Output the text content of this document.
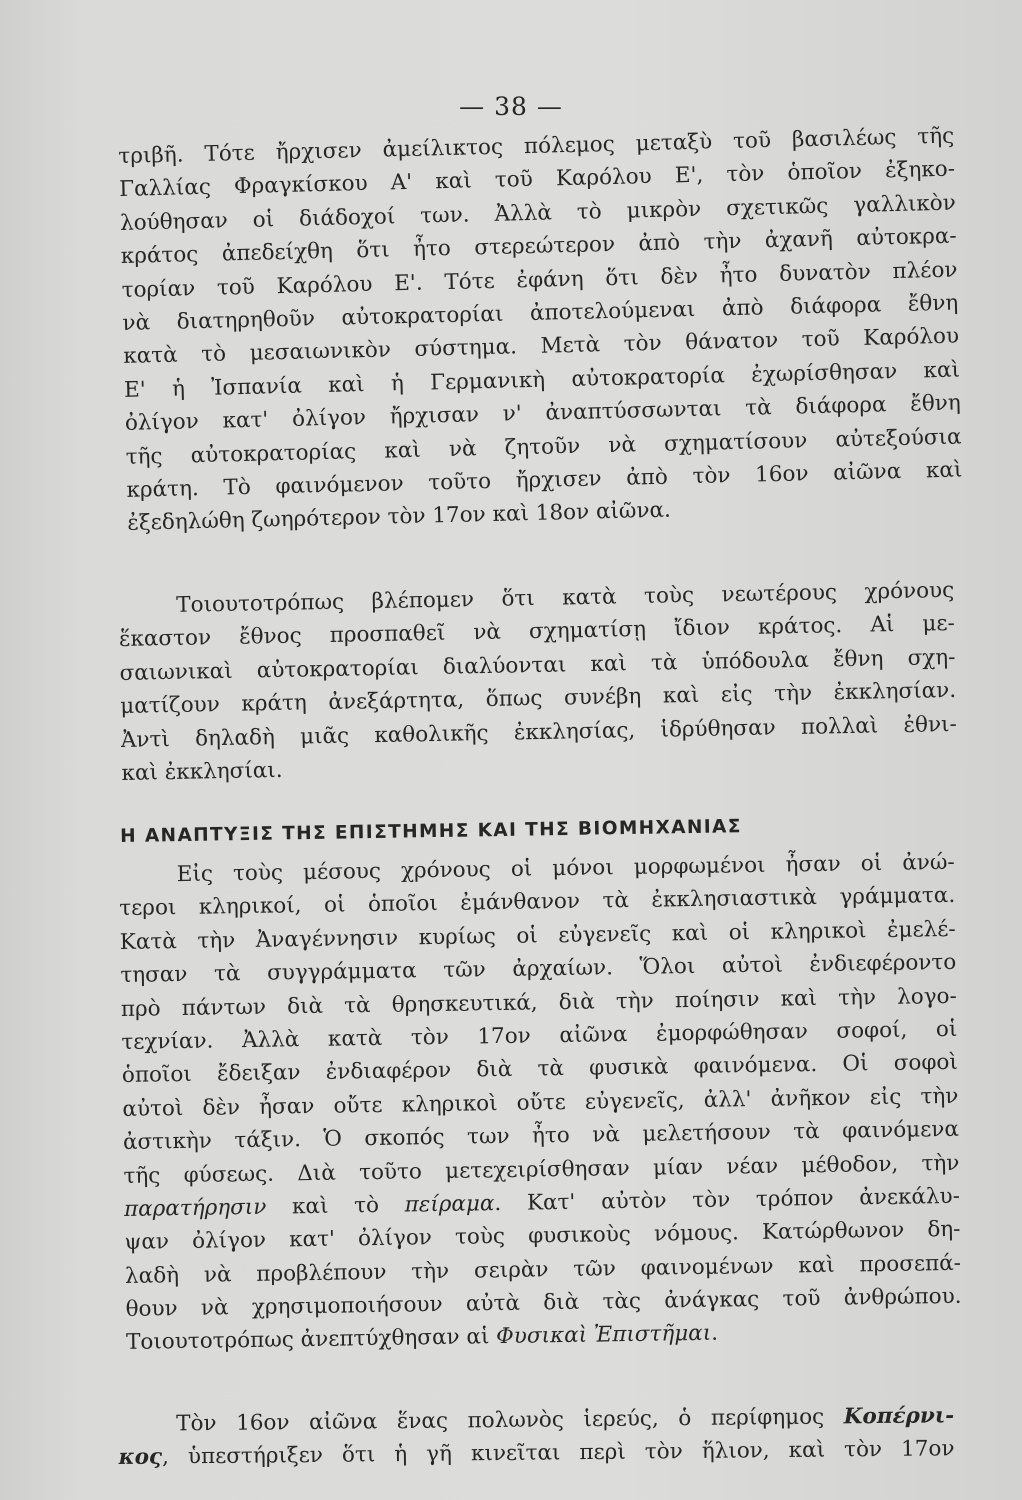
— 38 —
τριβῆ. Τότε ἤρχισεν ἀμείλικτος πόλεμος μεταξὺ τοῦ βασιλέως τῆς
Γαλλίας Φραγκίσκου Α' καὶ τοῦ Καρόλου Ε', τὸν ὁποῖον ἐξηκο-
λούθησαν οἱ διάδοχοί των. Ἀλλὰ τὸ μικρὸν σχετικῶς γαλλικὸν
κράτος ἀπεδείχθη ὅτι ἦτο στερεώτερον ἀπὸ τὴν ἀχανῆ αὐτοκρα-
τορίαν τοῦ Καρόλου Ε'. Τότε ἐφάνη ὅτι δὲν ἦτο δυνατὸν πλέον
νὰ διατηρηθοῦν αὐτοκρατορίαι ἀποτελούμεναι ἀπὸ διάφορα ἔθνη
κατὰ τὸ μεσαιωνικὸν σύστημα. Μετὰ τὸν θάνατον τοῦ Καρόλου
Ε' ἡ Ἰσπανία καὶ ἡ Γερμανικὴ αὐτοκρατορία ἐχωρίσθησαν καὶ
ὀλίγον κατ' ὀλίγον ἤρχισαν ν' ἀναπτύσσωνται τὰ διάφορα ἔθνη
τῆς αὐτοκρατορίας καὶ νὰ ζητοῦν νὰ σχηματίσουν αὐτεξούσια
κράτη. Τὸ φαινόμενον τοῦτο ἤρχισεν ἀπὸ τὸν 16ον αἰῶνα καὶ
ἐξεδηλώθη ζωηρότερον τὸν 17ον καὶ 18ον αἰῶνα.
Τοιουτοτρόπως βλέπομεν ὅτι κατὰ τοὺς νεωτέρους χρόνους
ἕκαστον ἔθνος προσπαθεῖ νὰ σχηματίσῃ ἴδιον κράτος. Αἱ με-
σαιωνικαὶ αὐτοκρατορίαι διαλύονται καὶ τὰ ὑπόδουλα ἔθνη σχη-
ματίζουν κράτη ἀνεξάρτητα, ὅπως συνέβη καὶ εἰς τὴν ἐκκλησίαν.
Ἀντὶ δηλαδὴ μιᾶς καθολικῆς ἐκκλησίας, ἱδρύθησαν πολλαὶ ἐθνι-
καὶ ἐκκλησίαι.
Η ΑΝΑΠΤΥΞΙΣ ΤΗΣ ΕΠΙΣΤΗΜΗΣ ΚΑΙ ΤΗΣ ΒΙΟΜΗΧΑΝΙΑΣ
Εἰς τοὺς μέσους χρόνους οἱ μόνοι μορφωμένοι ἦσαν οἱ ἀνώ-
τεροι κληρικοί, οἱ ὁποῖοι ἐμάνθανον τὰ ἐκκλησιαστικὰ γράμματα.
Κατὰ τὴν Ἀναγέννησιν κυρίως οἱ εὐγενεῖς καὶ οἱ κληρικοὶ ἐμελέ-
τησαν τὰ συγγράμματα τῶν ἀρχαίων. Ὅλοι αὐτοὶ ἐνδιεφέροντο
πρὸ πάντων διὰ τὰ θρησκευτικά, διὰ τὴν ποίησιν καὶ τὴν λογο-
τεχνίαν. Ἀλλὰ κατὰ τὸν 17ον αἰῶνα ἐμορφώθησαν σοφοί, οἱ
ὁποῖοι ἔδειξαν ἐνδιαφέρον διὰ τὰ φυσικὰ φαινόμενα. Οἱ σοφοὶ
αὐτοὶ δὲν ἦσαν οὔτε κληρικοὶ οὔτε εὐγενεῖς, ἀλλ' ἀνῆκον εἰς τὴν
ἀστικὴν τάξιν. Ὁ σκοπός των ἦτο νὰ μελετήσουν τὰ φαινόμενα
τῆς φύσεως. Διὰ τοῦτο μετεχειρίσθησαν μίαν νέαν μέθοδον, τὴν
παρατήρησιν καὶ τὸ πείραμα. Κατ' αὐτὸν τὸν τρόπον ἀνεκάλυ-
ψαν ὀλίγον κατ' ὀλίγον τοὺς φυσικοὺς νόμους. Κατώρθωνον δη-
λαδὴ νὰ προβλέπουν τὴν σειρὰν τῶν φαινομένων καὶ προσεπά-
θουν νὰ χρησιμοποιήσουν αὐτὰ διὰ τὰς ἀνάγκας τοῦ ἀνθρώπου.
Τοιουτοτρόπως ἀνεπτύχθησαν αἱ Φυσικαὶ Ἐπιστῆμαι.
Τὸν 16ον αἰῶνα ἕνας πολωνὸς ἱερεύς, ὁ περίφημος Κοπέρνι-
κος, ὑπεστήριξεν ὅτι ἡ γῆ κινεῖται περὶ τὸν ἥλιον, καὶ τὸν 17ον
